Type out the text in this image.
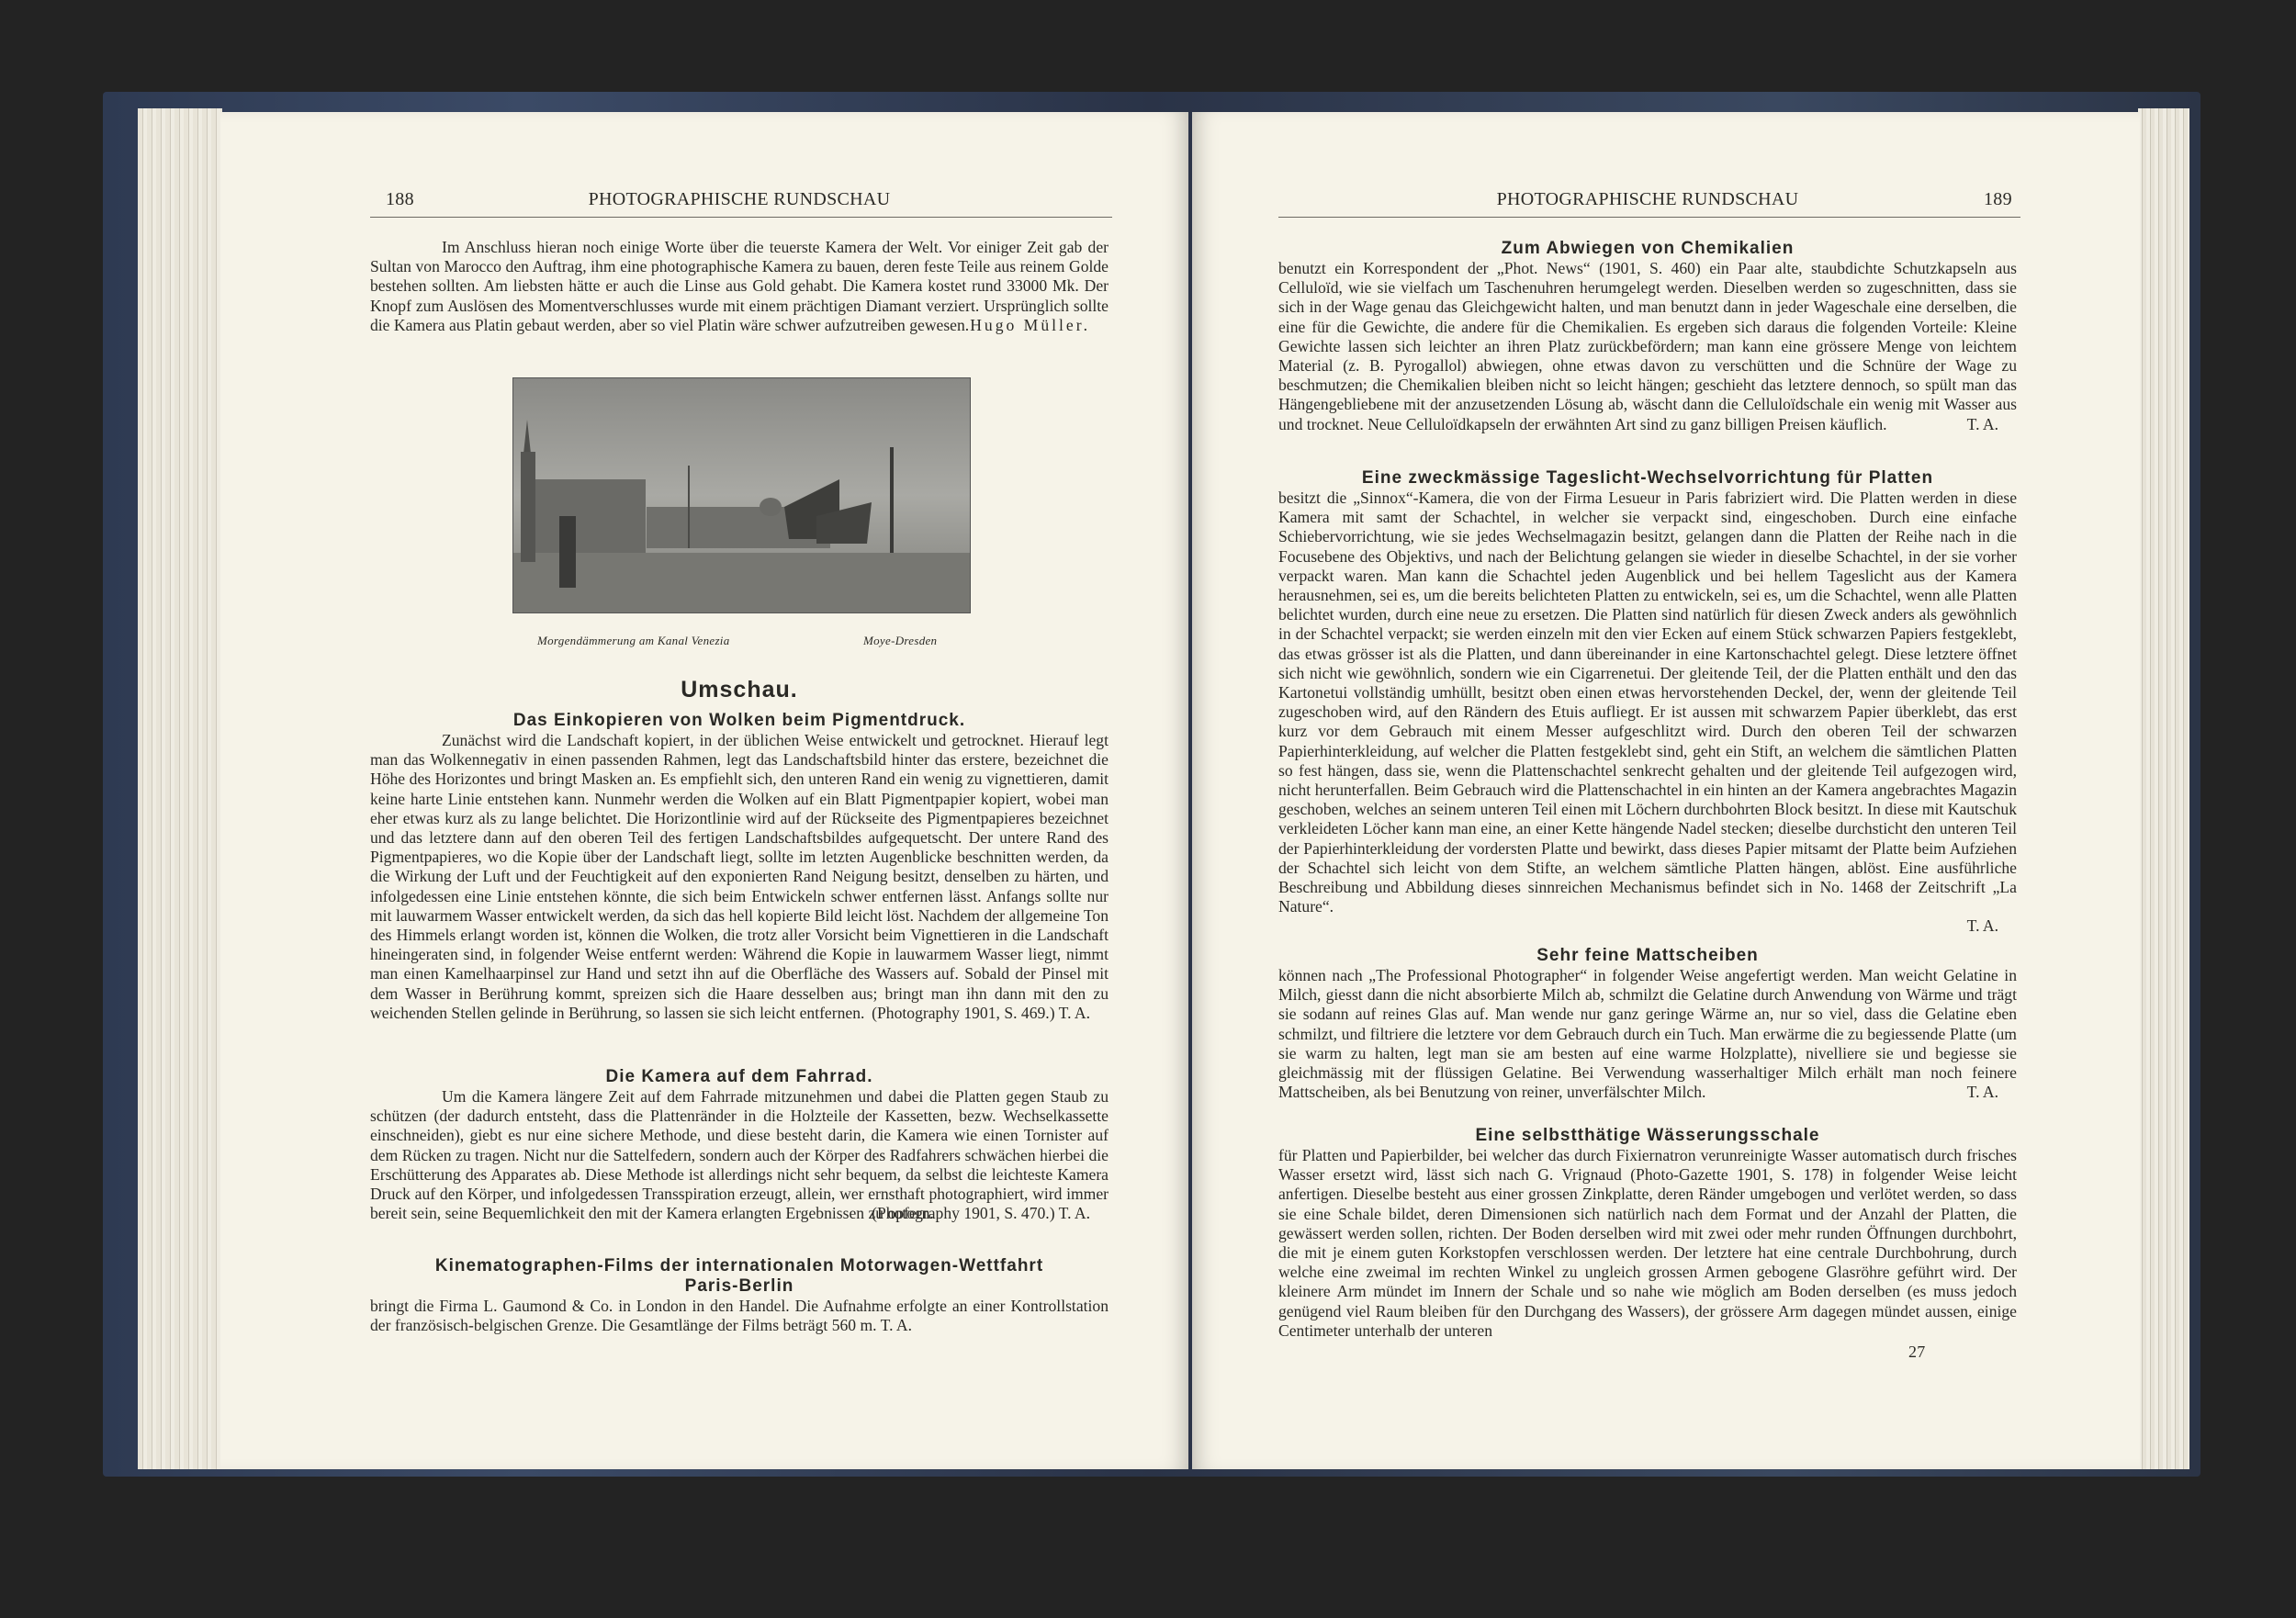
188	PHOTOGRAPHISCHE RUNDSCHAU

Im Anschluss hieran noch einige Worte über die teuerste Kamera der Welt. Vor einiger Zeit gab der Sultan von Marocco den Auftrag, ihm eine photographische Kamera zu bauen, deren feste Teile aus reinem Golde bestehen sollten. Am liebsten hätte er auch die Linse aus Gold gehabt. Die Kamera kostet rund 33000 Mk. Der Knopf zum Auslösen des Momentverschlusses wurde mit einem prächtigen Diamant verziert. Ursprünglich sollte die Kamera aus Platin gebaut werden, aber so viel Platin wäre schwer aufzutreiben gewesen. Hugo Müller.
Morgendämmerung am Kanal Venezia	Moye-Dresden
Umschau.
Das Einkopieren von Wolken beim Pigmentdruck.

Zunächst wird die Landschaft kopiert, in der üblichen Weise entwickelt und getrocknet. Hierauf legt man das Wolkennegativ in einen passenden Rahmen, legt das Landschaftsbild hinter das erstere, bezeichnet die Höhe des Horizontes und bringt Masken an. Es empfiehlt sich, den unteren Rand ein wenig zu vignettieren, damit keine harte Linie entstehen kann. Nunmehr werden die Wolken auf ein Blatt Pigmentpapier kopiert, wobei man eher etwas kurz als zu lange belichtet. Die Horizontlinie wird auf der Rückseite des Pigmentpapieres bezeichnet und das letztere dann auf den oberen Teil des fertigen Landschaftsbildes aufgequetscht. Der untere Rand des Pigmentpapieres, wo die Kopie über der Landschaft liegt, sollte im letzten Augenblicke beschnitten werden, da die Wirkung der Luft und der Feuchtigkeit auf den exponierten Rand Neigung besitzt, denselben zu härten, und infolgedessen eine Linie entstehen könnte, die sich beim Entwickeln schwer entfernen lässt. Anfangs sollte nur mit lauwarmem Wasser entwickelt werden, da sich das hell kopierte Bild leicht löst. Nachdem der allgemeine Ton des Himmels erlangt worden ist, können die Wolken, die trotz aller Vorsicht beim Vignettieren in die Landschaft hineingeraten sind, in folgender Weise entfernt werden: Während die Kopie in lauwarmem Wasser liegt, nimmt man einen Kamelhaarpinsel zur Hand und setzt ihn auf die Oberfläche des Wassers auf. Sobald der Pinsel mit dem Wasser in Berührung kommt, spreizen sich die Haare desselben aus; bringt man ihn dann mit den zu weichenden Stellen gelinde in Berührung, so lassen sie sich leicht entfernen. (Photography 1901, S. 469.) T. A.
Die Kamera auf dem Fahrrad.

Um die Kamera längere Zeit auf dem Fahrrade mitzunehmen und dabei die Platten gegen Staub zu schützen (der dadurch entsteht, dass die Plattenränder in die Holzteile der Kassetten, bezw. Wechselkassette einschneiden), giebt es nur eine sichere Methode, und diese besteht darin, die Kamera wie einen Tornister auf dem Rücken zu tragen. Nicht nur die Sattelfedern, sondern auch der Körper des Radfahrers schwächen hierbei die Erschütterung des Apparates ab. Diese Methode ist allerdings nicht sehr bequem, da selbst die leichteste Kamera Druck auf den Körper, und infolgedessen Transspiration erzeugt, allein, wer ernsthaft photographiert, wird immer bereit sein, seine Bequemlichkeit den mit der Kamera erlangten Ergebnissen zu opfern.

(Photography 1901, S. 470.) T. A.
Kinematographen-Films der internationalen Motorwagen-Wettfahrt
Paris-Berlin

bringt die Firma L. Gaumond & Co. in London in den Handel. Die Aufnahme erfolgte an einer Kontrollstation der französisch-belgischen Grenze. Die Gesamtlänge der Films beträgt 560 m. T. A.

PHOTOGRAPHISCHE RUNDSCHAU	189
Zum Abwiegen von Chemikalien

benutzt ein Korrespondent der „Phot. News“ (1901, S. 460) ein Paar alte, staubdichte Schutzkapseln aus Celluloïd, wie sie vielfach um Taschenuhren herumgelegt werden. Dieselben werden so zugeschnitten, dass sie sich in der Wage genau das Gleichgewicht halten, und man benutzt dann in jeder Wageschale eine derselben, die eine für die Gewichte, die andere für die Chemikalien. Es ergeben sich daraus die folgenden Vorteile: Kleine Gewichte lassen sich leichter an ihren Platz zurückbefördern; man kann eine grössere Menge von leichtem Material (z. B. Pyrogallol) abwiegen, ohne etwas davon zu verschütten und die Schnüre der Wage zu beschmutzen; die Chemikalien bleiben nicht so leicht hängen; geschieht das letztere dennoch, so spült man das Hängengebliebene mit der anzusetzenden Lösung ab, wäscht dann die Celluloïdschale ein wenig mit Wasser aus und trocknet. Neue Celluloïdkapseln der erwähnten Art sind zu ganz billigen Preisen käuflich.	T. A.
Eine zweckmässige Tageslicht-Wechselvorrichtung für Platten

besitzt die „Sinnox“-Kamera, die von der Firma Lesueur in Paris fabriziert wird. Die Platten werden in diese Kamera mit samt der Schachtel, in welcher sie verpackt sind, eingeschoben. Durch eine einfache Schiebervorrichtung, wie sie jedes Wechselmagazin besitzt, gelangen dann die Platten der Reihe nach in die Focusebene des Objektivs, und nach der Belichtung gelangen sie wieder in dieselbe Schachtel, in der sie vorher verpackt waren. Man kann die Schachtel jeden Augenblick und bei hellem Tageslicht aus der Kamera herausnehmen, sei es, um die bereits belichteten Platten zu entwickeln, sei es, um die Schachtel, wenn alle Platten belichtet wurden, durch eine neue zu ersetzen. Die Platten sind natürlich für diesen Zweck anders als gewöhnlich in der Schachtel verpackt; sie werden einzeln mit den vier Ecken auf einem Stück schwarzen Papiers festgeklebt, das etwas grösser ist als die Platten, und dann übereinander in eine Kartonschachtel gelegt. Diese letztere öffnet sich nicht wie gewöhnlich, sondern wie ein Cigarrenetui. Der gleitende Teil, der die Platten enthält und den das Kartonetui vollständig umhüllt, besitzt oben einen etwas hervorstehenden Deckel, der, wenn der gleitende Teil zugeschoben wird, auf den Rändern des Etuis aufliegt. Er ist aussen mit schwarzem Papier überklebt, das erst kurz vor dem Gebrauch mit einem Messer aufgeschlitzt wird. Durch den oberen Teil der schwarzen Papierhinterkleidung, auf welcher die Platten festgeklebt sind, geht ein Stift, an welchem die sämtlichen Platten so fest hängen, dass sie, wenn die Plattenschachtel senkrecht gehalten und der gleitende Teil aufgezogen wird, nicht herunterfallen. Beim Gebrauch wird die Plattenschachtel in ein hinten an der Kamera angebrachtes Magazin geschoben, welches an seinem unteren Teil einen mit Löchern durchbohrten Block besitzt. In diese mit Kautschuk verkleideten Löcher kann man eine, an einer Kette hängende Nadel stecken; dieselbe durchsticht den unteren Teil der Papierhinterkleidung der vordersten Platte und bewirkt, dass dieses Papier mitsamt der Platte beim Aufziehen der Schachtel sich leicht von dem Stifte, an welchem sämtliche Platten hängen, ablöst. Eine ausführliche Beschreibung und Abbildung dieses sinnreichen Mechanismus befindet sich in No. 1468 der Zeitschrift „La Nature“.

T. A.
Sehr feine Mattscheiben

können nach „The Professional Photographer“ in folgender Weise angefertigt werden. Man weicht Gelatine in Milch, giesst dann die nicht absorbierte Milch ab, schmilzt die Gelatine durch Anwendung von Wärme und trägt sie sodann auf reines Glas auf. Man wende nur ganz geringe Wärme an, nur so viel, dass die Gelatine eben schmilzt, und filtriere die letztere vor dem Gebrauch durch ein Tuch. Man erwärme die zu begiessende Platte (um sie warm zu halten, legt man sie am besten auf eine warme Holzplatte), nivelliere sie und begiesse sie gleichmässig mit der flüssigen Gelatine. Bei Verwendung wasserhaltiger Milch erhält man noch feinere Mattscheiben, als bei Benutzung von reiner, unverfälschter Milch.	T. A.
Eine selbstthätige Wässerungsschale

für Platten und Papierbilder, bei welcher das durch Fixiernatron verunreinigte Wasser automatisch durch frisches Wasser ersetzt wird, lässt sich nach G. Vrignaud (Photo-Gazette 1901, S. 178) in folgender Weise leicht anfertigen. Dieselbe besteht aus einer grossen Zinkplatte, deren Ränder umgebogen und verlötet werden, so dass sie eine Schale bildet, deren Dimensionen sich natürlich nach dem Format und der Anzahl der Platten, die gewässert werden sollen, richten. Der Boden derselben wird mit zwei oder mehr runden Öffnungen durchbohrt, die mit je einem guten Korkstopfen verschlossen werden. Der letztere hat eine centrale Durchbohrung, durch welche eine zweimal im rechten Winkel zu ungleich grossen Armen gebogene Glasröhre geführt wird. Der kleinere Arm mündet im Innern der Schale und so nahe wie möglich am Boden derselben (es muss jedoch genügend viel Raum bleiben für den Durchgang des Wassers), der grössere Arm dagegen mündet aussen, einige Centimeter unterhalb der unteren

27
